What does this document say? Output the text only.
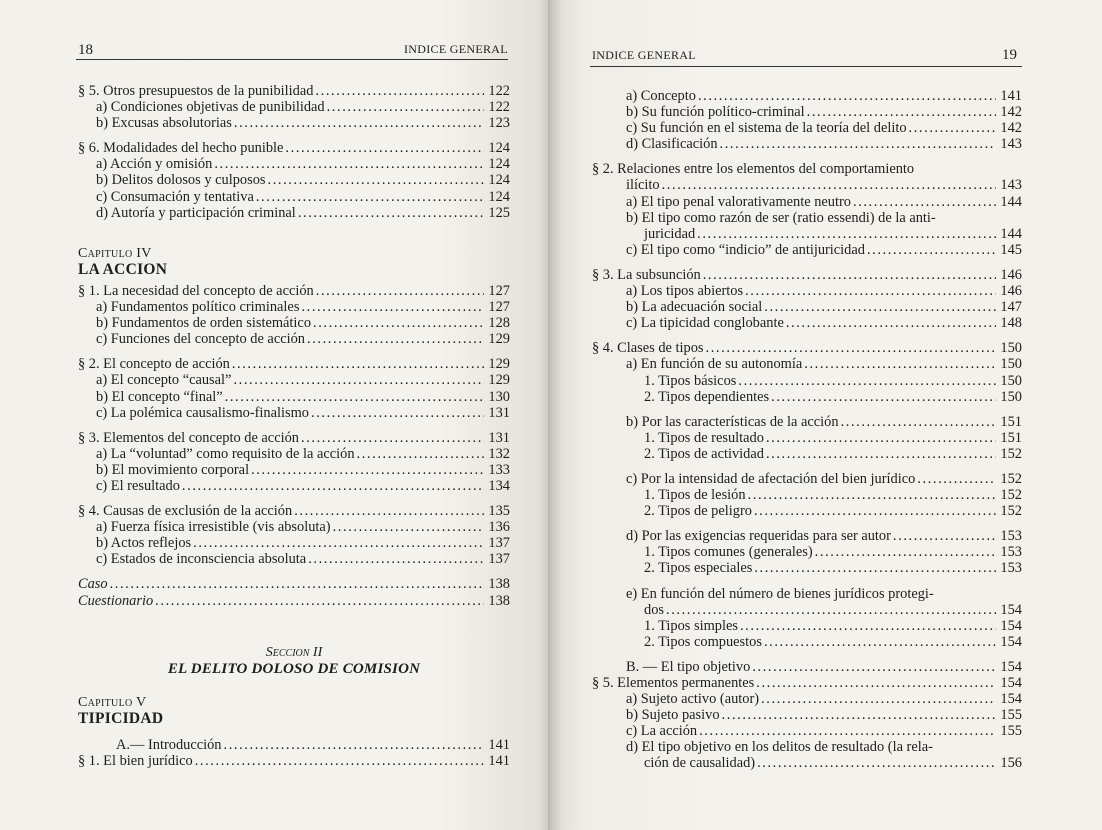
18	INDICE GENERAL
§ 5. Otros presupuestos de la punibilidad .....	122
a) Condiciones objetivas de punibilidad .....	122
b) Excusas absolutorias .....	123
§ 6. Modalidades del hecho punible .....	124
a) Acción y omisión .....	124
b) Delitos dolosos y culposos .....	124
c) Consumación y tentativa .....	124
d) Autoría y participación criminal .....	125
Capitulo IV
LA ACCION
§ 1. La necesidad del concepto de acción .....	127
a) Fundamentos político criminales .....	127
b) Fundamentos de orden sistemático .....	128
c) Funciones del concepto de acción .....	129
§ 2. El concepto de acción .....	129
a) El concepto “causal” .....	129
b) El concepto “final” .....	130
c) La polémica causalismo-finalismo .....	131
§ 3. Elementos del concepto de acción .....	131
a) La “voluntad” como requisito de la acción .....	132
b) El movimiento corporal .....	133
c) El resultado .....	134
§ 4. Causas de exclusión de la acción .....	135
a) Fuerza física irresistible (vis absoluta) .....	136
b) Actos reflejos .....	137
c) Estados de inconsciencia absoluta .....	137
Caso .....	138
Cuestionario .....	138
Seccion II
EL DELITO DOLOSO DE COMISION
Capitulo V
TIPICIDAD
A.— Introducción .....	141
§ 1. El bien jurídico .....	141
INDICE GENERAL	19
a) Concepto .....	141
b) Su función político-criminal .....	142
c) Su función en el sistema de la teoría del delito .....	142
d) Clasificación .....	143
§ 2. Relaciones entre los elementos del comportamiento
ilícito .....	143
a) El tipo penal valorativamente neutro .....	144
b) El tipo como razón de ser (ratio essendi) de la anti-
juricidad .....	144
c) El tipo como “indicio” de antijuricidad .....	145
§ 3. La subsunción .....	146
a) Los tipos abiertos .....	146
b) La adecuación social .....	147
c) La tipicidad conglobante .....	148
§ 4. Clases de tipos .....	150
a) En función de su autonomía .....	150
1. Tipos básicos .....	150
2. Tipos dependientes .....	150
b) Por las características de la acción .....	151
1. Tipos de resultado .....	151
2. Tipos de actividad .....	152
c) Por la intensidad de afectación del bien jurídico .....	152
1. Tipos de lesión .....	152
2. Tipos de peligro .....	152
d) Por las exigencias requeridas para ser autor .....	153
1. Tipos comunes (generales) .....	153
2. Tipos especiales .....	153
e) En función del número de bienes jurídicos protegi-
dos .....	154
1. Tipos simples .....	154
2. Tipos compuestos .....	154
B. — El tipo objetivo .....	154
§ 5. Elementos permanentes .....	154
a) Sujeto activo (autor) .....	154
b) Sujeto pasivo .....	155
c) La acción .....	155
d) El tipo objetivo en los delitos de resultado (la rela-
ción de causalidad) .....	156
